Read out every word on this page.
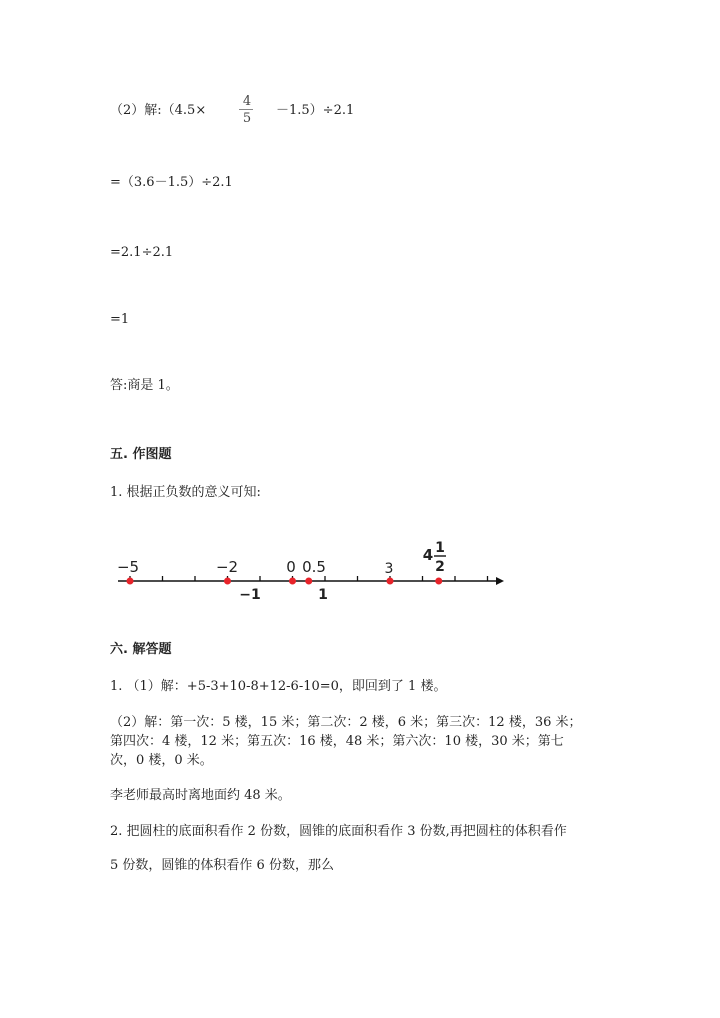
（2）解:（4.5×
4
5
－1.5）÷2.1
=（3.6－1.5）÷2.1
=2.1÷2.1
=1
答:商是 1。
五. 作图题
1. 根据正负数的意义可知:
−5	−2	0 0.5	3
4 1
2
−1	1
六. 解答题
1. （1）解：+5-3+10-8+12-6-10=0，即回到了 1 楼。
（2）解：第一次：5 楼，15 米；第二次：2 楼，6 米；第三次：12 楼，36 米；
第四次：4 楼，12 米；第五次：16 楼，48 米；第六次：10 楼，30 米；第七
次，0 楼，0 米。
李老师最高时离地面约 48 米。
2. 把圆柱的底面积看作 2 份数，圆锥的底面积看作 3 份数,再把圆柱的体积看作
5 份数，圆锥的体积看作 6 份数，那么
